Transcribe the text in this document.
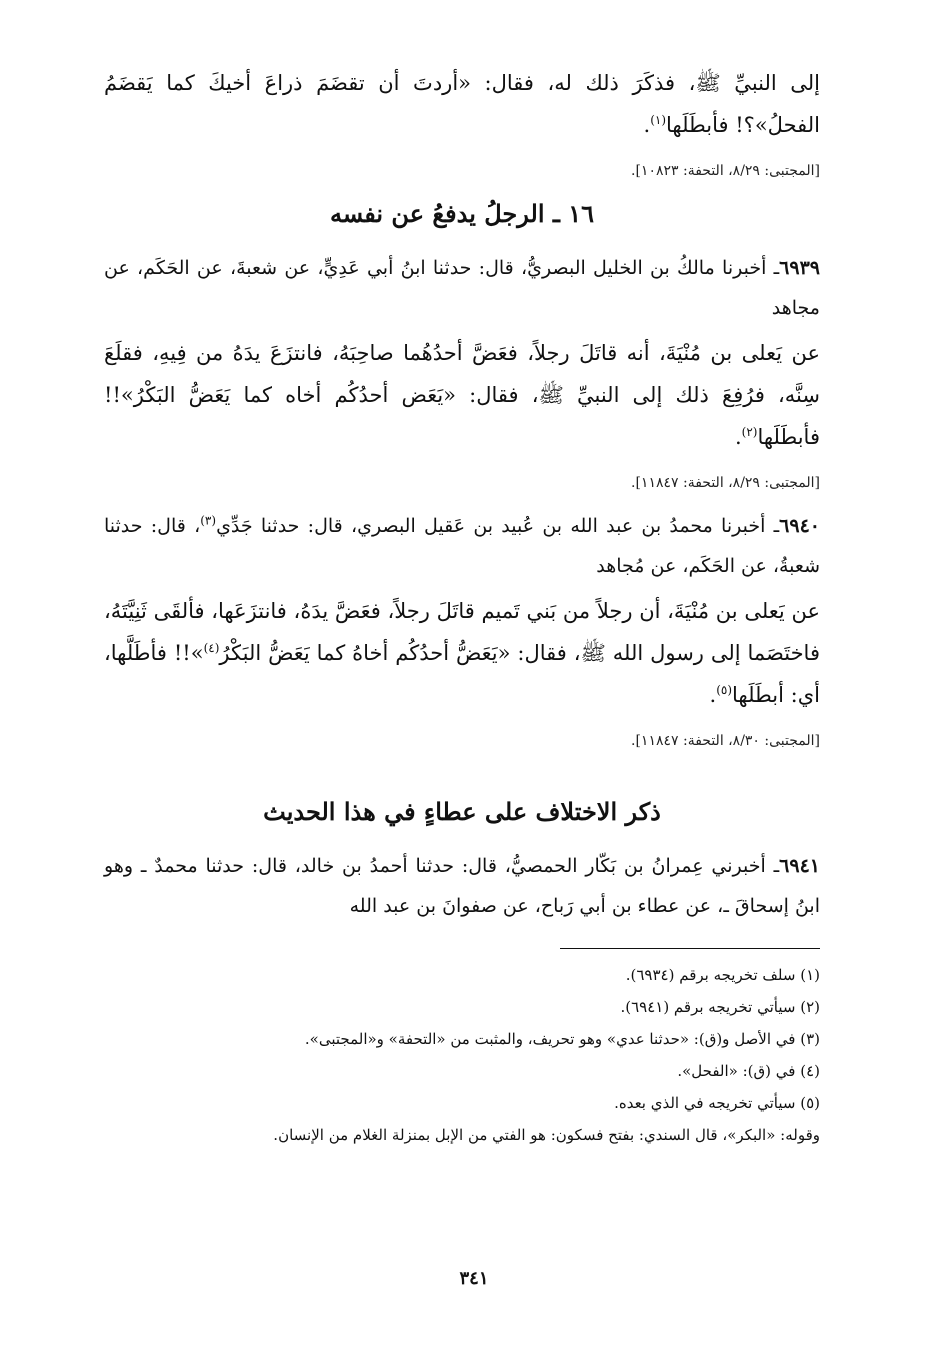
إلى النبيِّ ﷺ، فذكَرَ ذلك له، فقال: «أردتَ أن تقضَمَ ذراعَ أخيكَ كما يَقضَمُ الفحلُ»؟! فأبطَلَها$^{(١)}$.

[المجتبى: ٨/٢٩، التحفة: ١٠٨٢٣].

١٦ ـ الرجلُ يدفعُ عن نفسه

٦٩٣٩ـ أخبرنا مالكُ بن الخليل البصريُّ، قال: حدثنا ابنُ أبي عَدِيٍّ، عن شعبةَ، عن الحَكَم، عن مجاهد

عن يَعلى بن مُنْيَةَ، أنه قاتَلَ رجلاً، فعَضَّ أحدُهُما صاحِبَهُ، فانتزَعَ يدَهُ من فِيهِ، فقلَعَ سِنَّه، فرُفِعَ ذلك إلى النبيِّ ﷺ، فقال: «يَعَض أحدُكُم أخاه كما يَعَضُّ البَكْرُ»!! فأبطَلَها$^{(٢)}$.

[المجتبى: ٨/٢٩، التحفة: ١١٨٤٧].

٦٩٤٠ـ أخبرنا محمدُ بن عبد الله بن عُبيد بن عَقيل البصري، قال: حدثنا جَدِّي$^{(٣)}$، قال: حدثنا شعبةُ، عن الحَكَم، عن مُجاهد

عن يَعلى بن مُنْيَةَ، أن رجلاً من بَني تَميم قاتَلَ رجلاً، فعَضَّ يدَهُ، فانتزَعَها، فألقَى ثَنِيَّتَهُ، فاختَصَما إلى رسول الله ﷺ، فقال: «يَعَضُّ أحدُكُم أخاهُ كما يَعَضُّ البَكْرُ$^{(٤)}$»!! فأطَلَّها، أي: أبطَلَها$^{(٥)}$.

[المجتبى: ٨/٣٠، التحفة: ١١٨٤٧].

ذكر الاختلاف على عطاءٍ في هذا الحديث

٦٩٤١ـ أخبرني عِمرانُ بن بَكّار الحمصيُّ، قال: حدثنا أحمدُ بن خالد، قال: حدثنا محمدٌ ـ وهو ابنُ إسحاقَ ـ، عن عطاء بن أبي رَباح، عن صفوانَ بن عبد الله

(١) سلف تخريجه برقم (٦٩٣٤).

(٢) سيأتي تخريجه برقم (٦٩٤١).

(٣) في الأصل و(ق): «حدثنا عدي» وهو تحريف، والمثبت من «التحفة» و«المجتبى».

(٤) في (ق): «الفحل».

(٥) سيأتي تخريجه في الذي بعده.

وقوله: «البكر»، قال السندي: بفتح فسكون: هو الفتي من الإبل بمنزلة الغلام من الإنسان.

٣٤١
